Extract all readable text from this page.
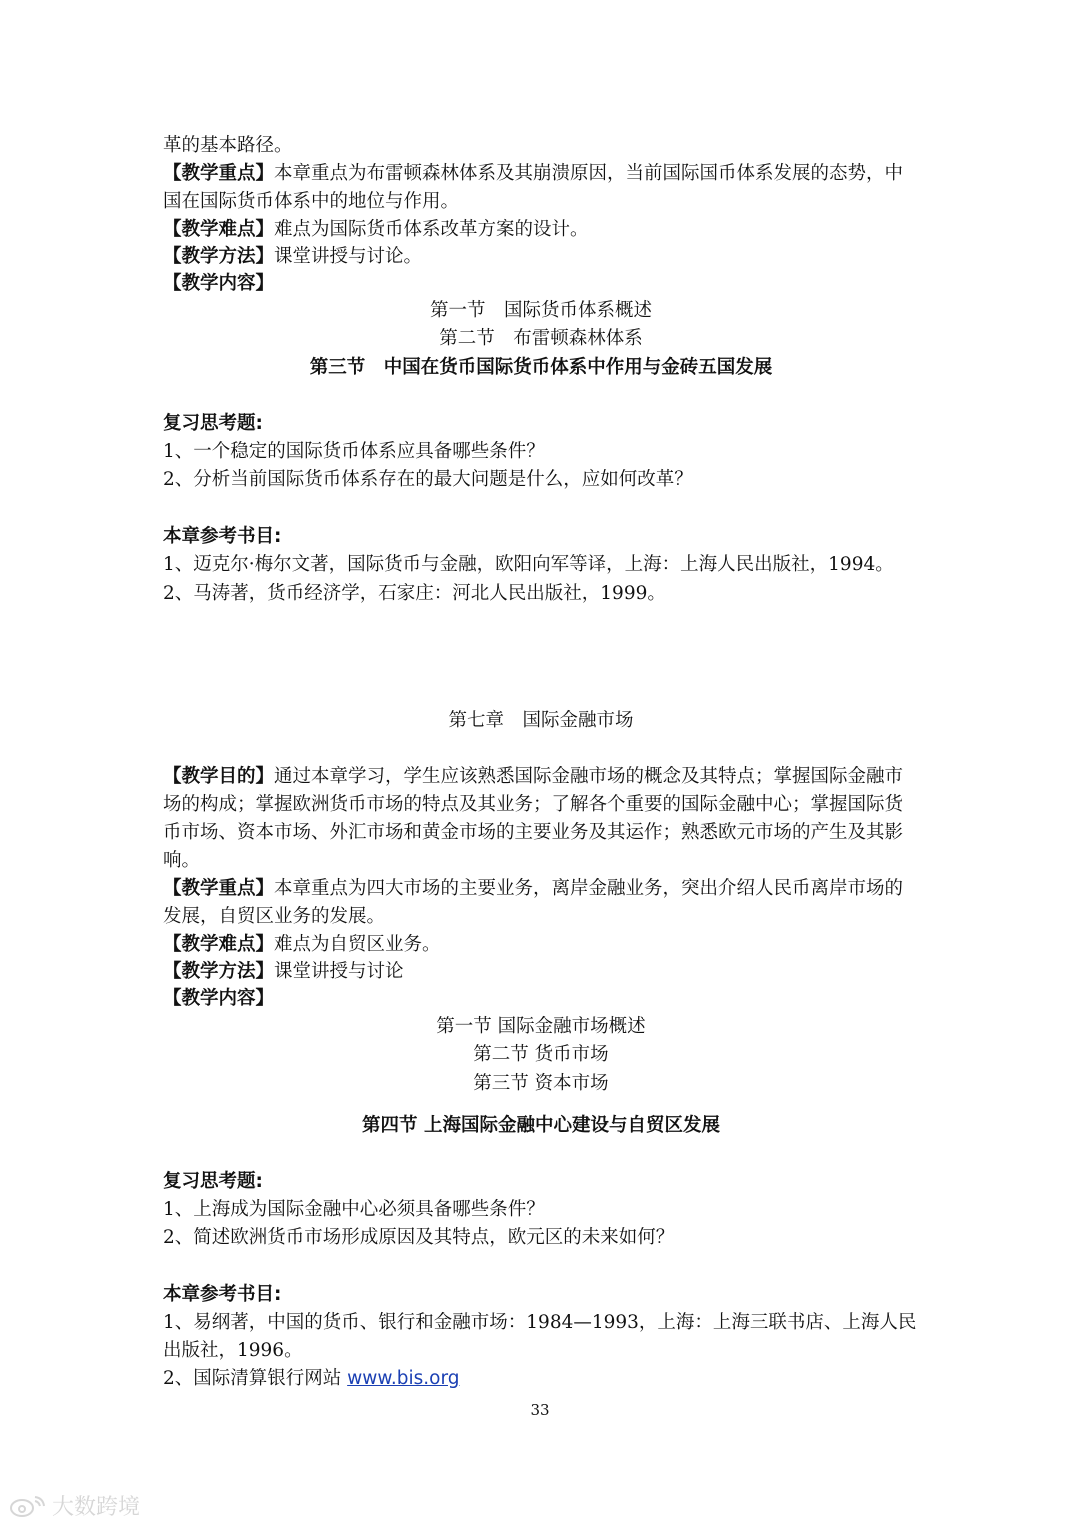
革的基本路径。
【教学重点】本章重点为布雷顿森林体系及其崩溃原因，当前国际国币体系发展的态势，中
国在国际货币体系中的地位与作用。
【教学难点】难点为国际货币体系改革方案的设计。
【教学方法】课堂讲授与讨论。
【教学内容】
第一节　国际货币体系概述
第二节　布雷顿森林体系
第三节　中国在货币国际货币体系中作用与金砖五国发展
复习思考题:
1、一个稳定的国际货币体系应具备哪些条件？
2、分析当前国际货币体系存在的最大问题是什么，应如何改革？
本章参考书目:
1、迈克尔·梅尔文著，国际货币与金融，欧阳向军等译，上海：上海人民出版社，1994。
2、马涛著，货币经济学，石家庄：河北人民出版社，1999。
第七章　国际金融市场
【教学目的】通过本章学习，学生应该熟悉国际金融市场的概念及其特点；掌握国际金融市
场的构成；掌握欧洲货币市场的特点及其业务；了解各个重要的国际金融中心；掌握国际货
币市场、资本市场、外汇市场和黄金市场的主要业务及其运作；熟悉欧元市场的产生及其影
响。
【教学重点】本章重点为四大市场的主要业务，离岸金融业务，突出介绍人民币离岸市场的
发展，自贸区业务的发展。
【教学难点】难点为自贸区业务。
【教学方法】课堂讲授与讨论
【教学内容】
第一节 国际金融市场概述
第二节 货币市场
第三节 资本市场
第四节 上海国际金融中心建设与自贸区发展
复习思考题:
1、上海成为国际金融中心必须具备哪些条件？
2、简述欧洲货币市场形成原因及其特点，欧元区的未来如何？
本章参考书目:
1、易纲著，中国的货币、银行和金融市场：1984—1993，上海：上海三联书店、上海人民
出版社，1996。
2、国际清算银行网站 www.bis.org
33
大数跨境
